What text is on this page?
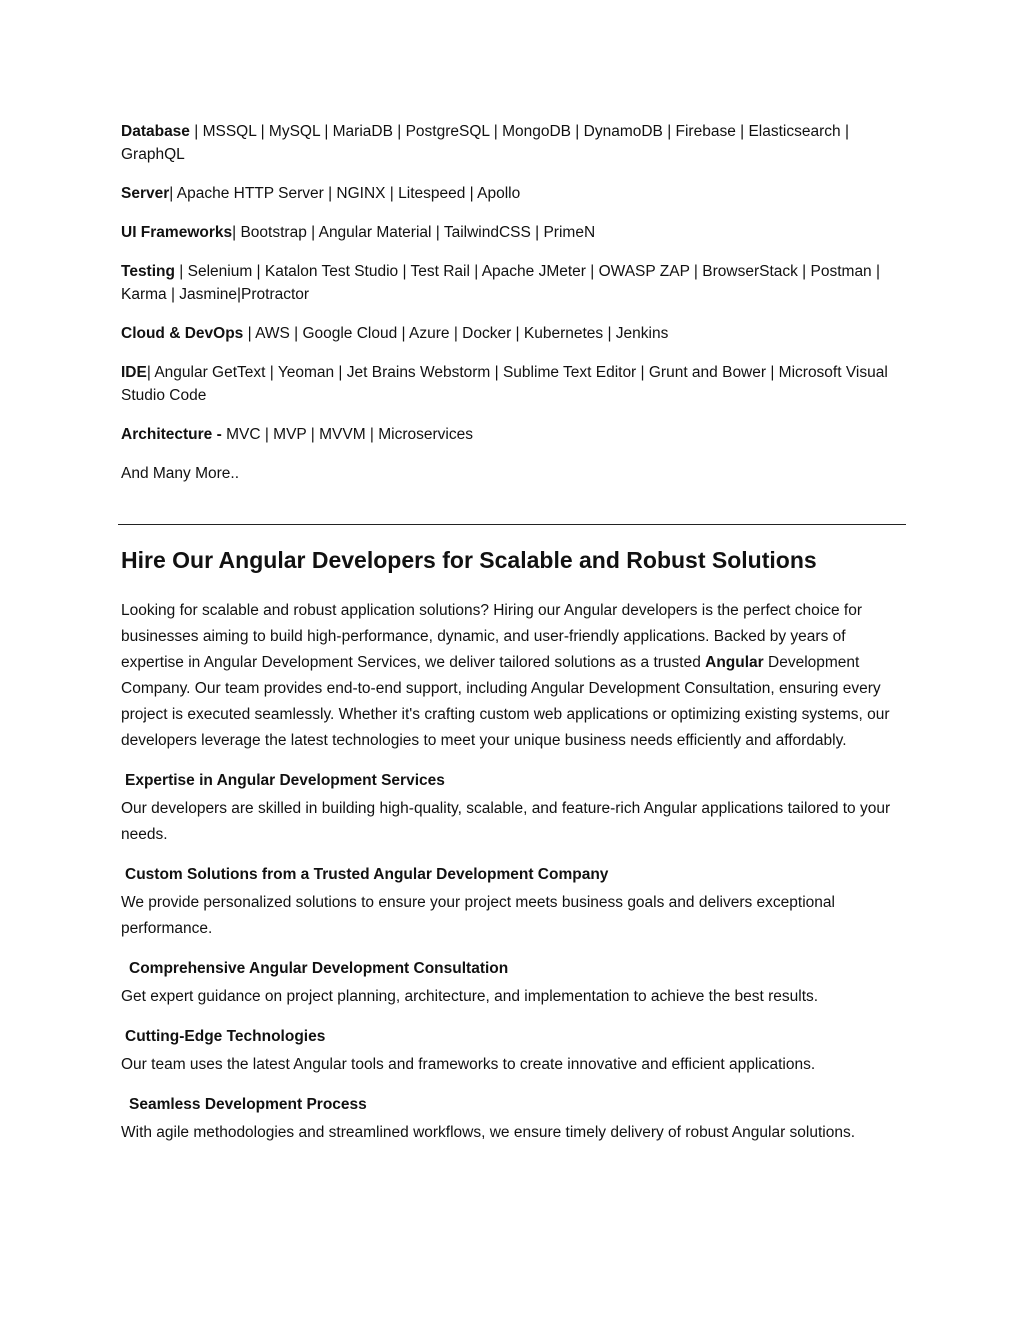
Database | MSSQL | MySQL | MariaDB | PostgreSQL | MongoDB | DynamoDB | Firebase | Elasticsearch | GraphQL

Server| Apache HTTP Server | NGINX | Litespeed | Apollo

UI Frameworks| Bootstrap | Angular Material | TailwindCSS | PrimeN

Testing | Selenium | Katalon Test Studio | Test Rail | Apache JMeter | OWASP ZAP | BrowserStack | Postman | Karma | Jasmine|Protractor

Cloud & DevOps | AWS | Google Cloud | Azure | Docker | Kubernetes | Jenkins

IDE| Angular GetText | Yeoman | Jet Brains Webstorm | Sublime Text Editor | Grunt and Bower | Microsoft Visual Studio Code

Architecture - MVC | MVP | MVVM | Microservices

And Many More..

Hire Our Angular Developers for Scalable and Robust Solutions

Looking for scalable and robust application solutions? Hiring our Angular developers is the perfect choice for businesses aiming to build high-performance, dynamic, and user-friendly applications. Backed by years of expertise in Angular Development Services, we deliver tailored solutions as a trusted Angular Development Company. Our team provides end-to-end support, including Angular Development Consultation, ensuring every project is executed seamlessly. Whether it's crafting custom web applications or optimizing existing systems, our developers leverage the latest technologies to meet your unique business needs efficiently and affordably.

Expertise in Angular Development Services

Our developers are skilled in building high-quality, scalable, and feature-rich Angular applications tailored to your needs.

Custom Solutions from a Trusted Angular Development Company

We provide personalized solutions to ensure your project meets business goals and delivers exceptional performance.

Comprehensive Angular Development Consultation

Get expert guidance on project planning, architecture, and implementation to achieve the best results.

Cutting-Edge Technologies

Our team uses the latest Angular tools and frameworks to create innovative and efficient applications.

Seamless Development Process

With agile methodologies and streamlined workflows, we ensure timely delivery of robust Angular solutions.
